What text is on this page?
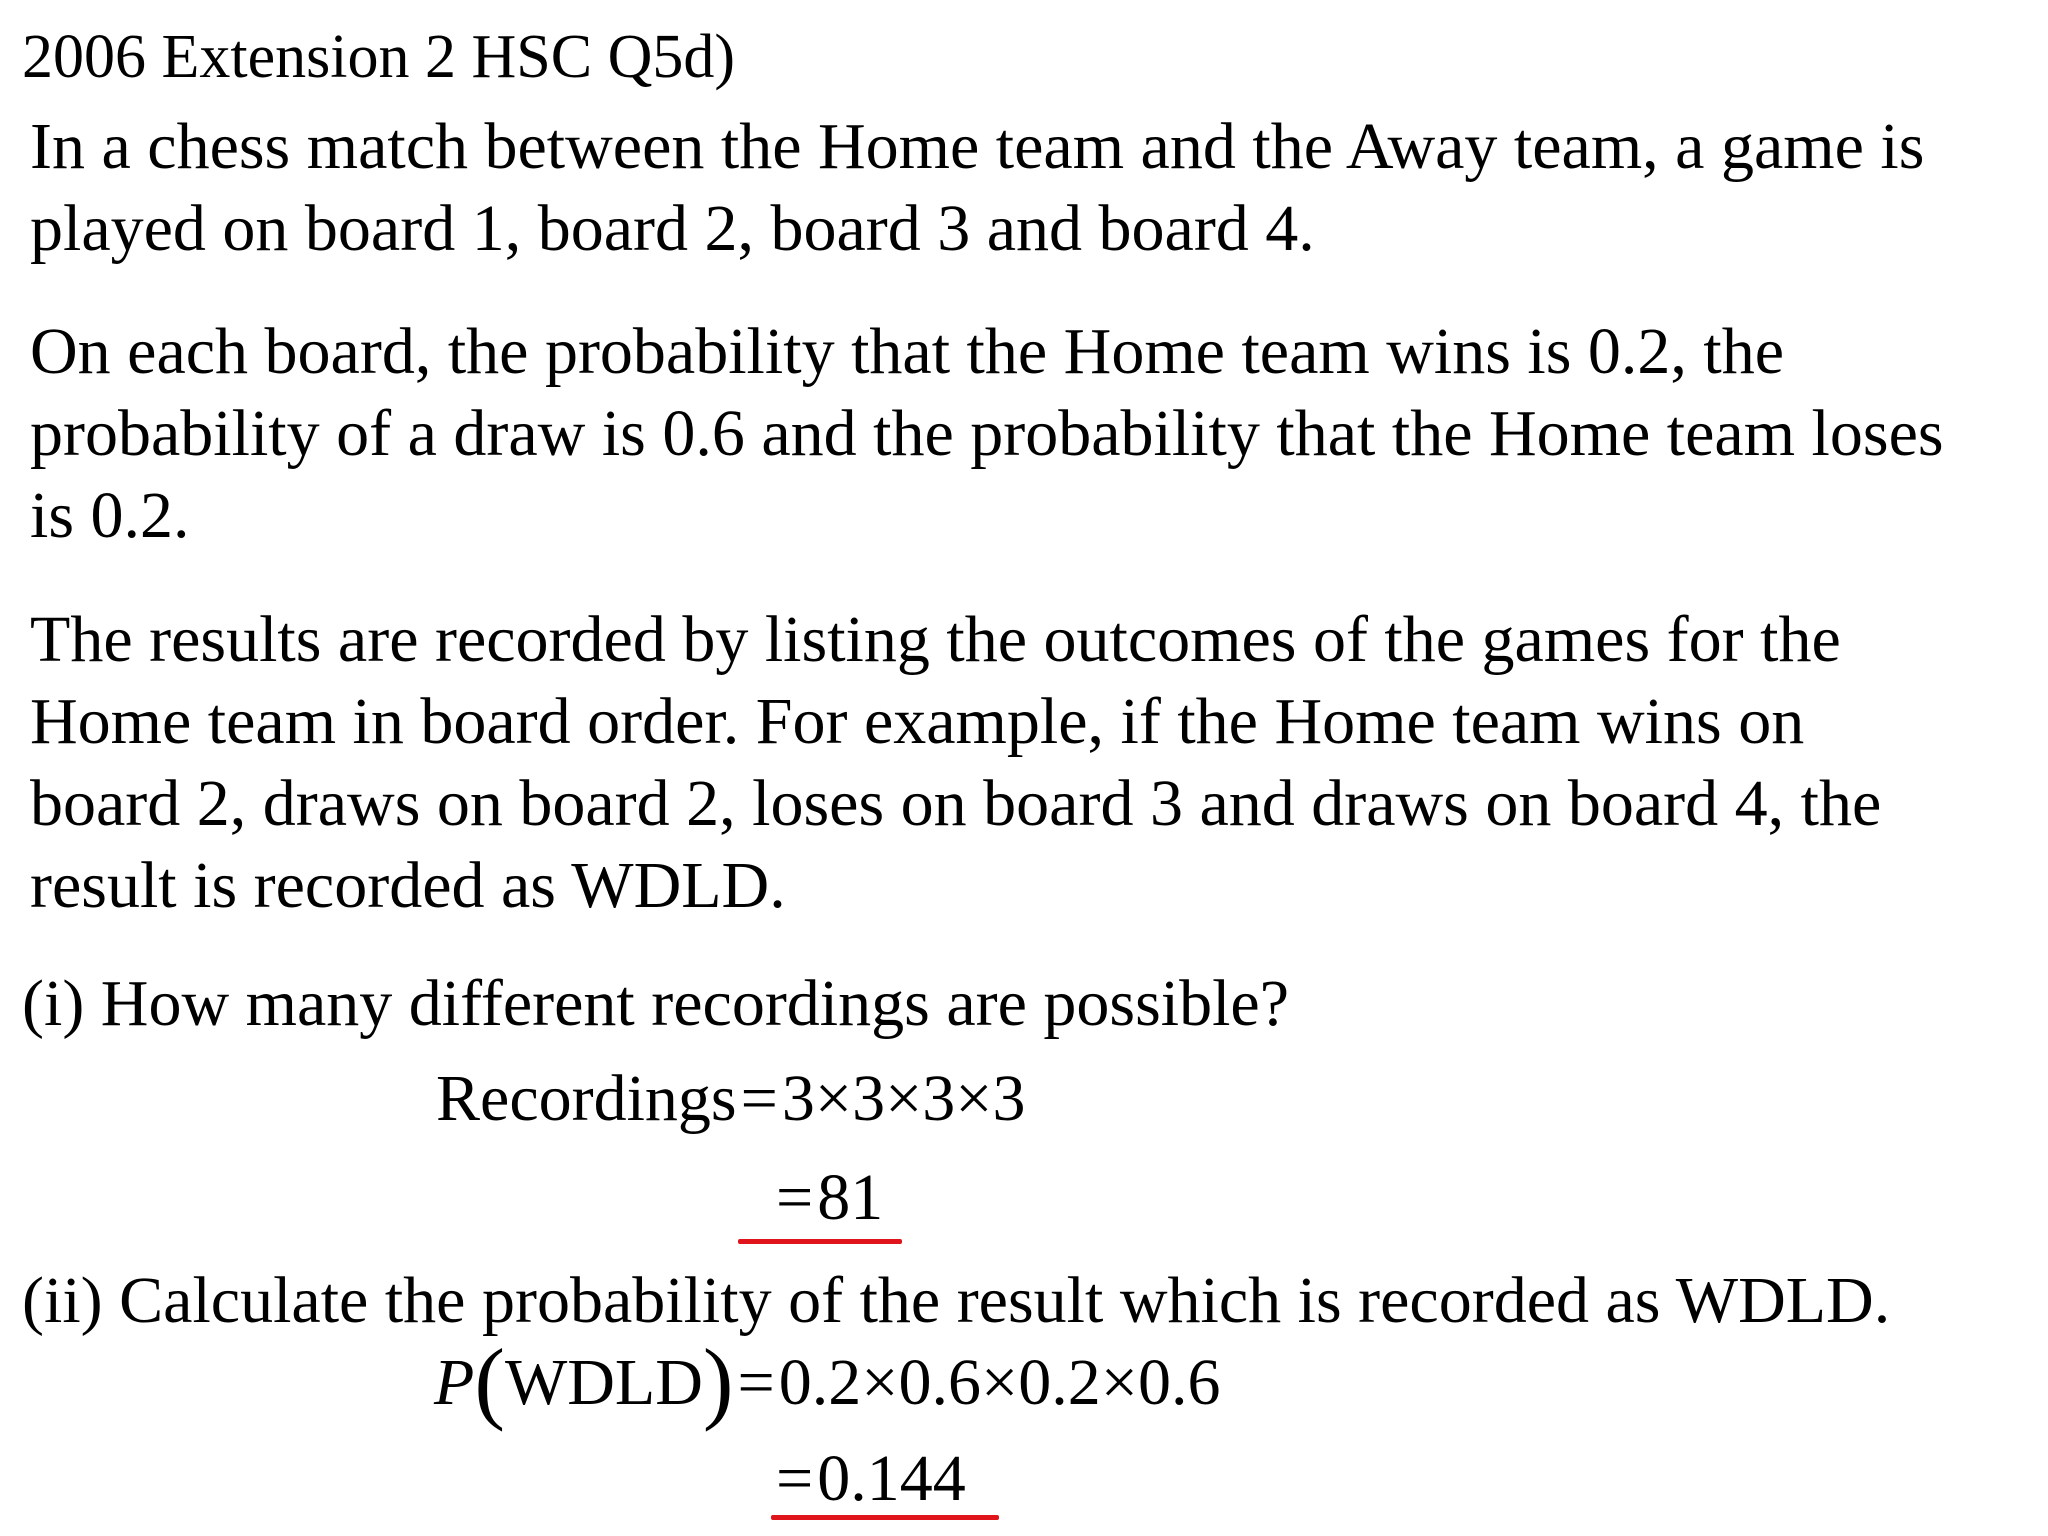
2006 Extension 2 HSC Q5d)
In a chess match between the Home team and the Away team, a game is
played on board 1, board 2, board 3 and board 4.
On each board, the probability that the Home team wins is 0.2, the
probability of a draw is 0.6 and the probability that the Home team loses
is 0.2.
The results are recorded by listing the outcomes of the games for the
Home team in board order. For example, if the Home team wins on
board 2, draws on board 2, loses on board 3 and draws on board 4, the
result is recorded as WDLD.
(i) How many different recordings are possible?
Recordings=3×3×3×3
=81
(ii) Calculate the probability of the result which is recorded as WDLD.
P(WDLD)=0.2×0.6×0.2×0.6
=0.144
